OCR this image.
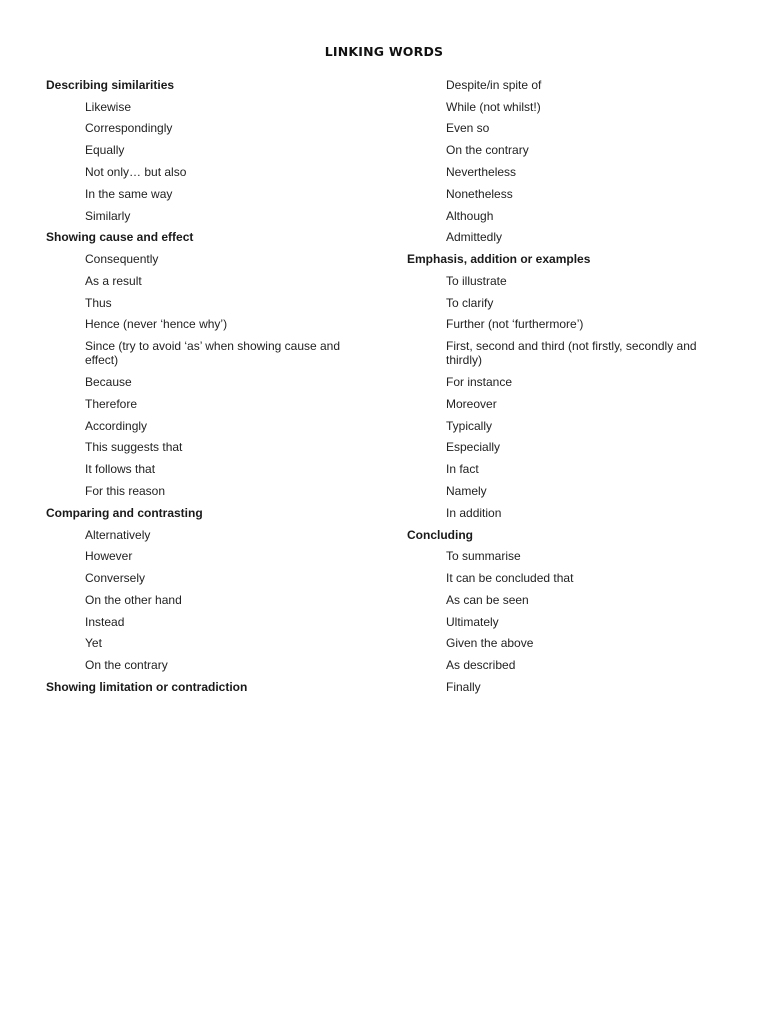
LINKING WORDS
Describing similarities
Likewise
Correspondingly
Equally
Not only… but also
In the same way
Similarly
Showing cause and effect
Consequently
As a result
Thus
Hence (never ‘hence why’)
Since (try to avoid ‘as’ when showing cause and effect)
Because
Therefore
Accordingly
This suggests that
It follows that
For this reason
Comparing and contrasting
Alternatively
However
Conversely
On the other hand
Instead
Yet
On the contrary
Showing limitation or contradiction
Despite/in spite of
While (not whilst!)
Even so
On the contrary
Nevertheless
Nonetheless
Although
Admittedly
Emphasis, addition or examples
To illustrate
To clarify
Further (not ‘furthermore’)
First, second and third (not firstly, secondly and thirdly)
For instance
Moreover
Typically
Especially
In fact
Namely
In addition
Concluding
To summarise
It can be concluded that
As can be seen
Ultimately
Given the above
As described
Finally
